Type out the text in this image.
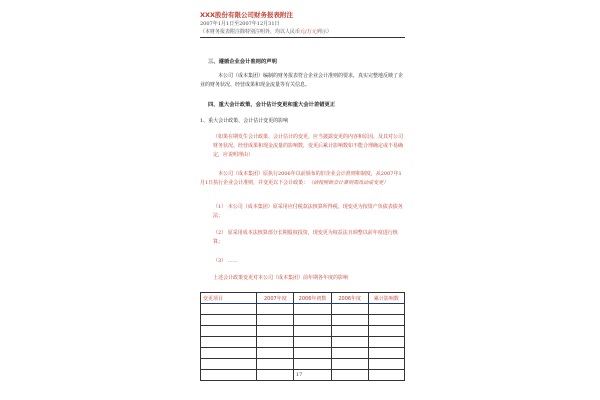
XXX股份有限公司财务报表附注
2007年1月1日至2007年12月31日
（本财务报表附注除特别注明外，均以人民币元/万元列示）
三、遵循企业会计准则的声明
本公司（成本集团）编制的财务报表符合企业会计准则的要求，真实完整地反映了企业的财务状况、经营成果和现金流量等有关信息。
四、重大会计政策、会计估计变更和重大会计差错更正
1、重大会计政策、会计估计变更的影响
（如果在期发生会计政策、会计估计的变更，应当披露变更的内容和原因、及其对公司财务状况、经营成果和现金流量的影响数，变更后累计影响数如不能合理确定或不易确定，应说明理由）
本公司（成本集团）原执行2006年以前颁布的旧企业会计准则和制度，从2007年1月1日执行企业会计准则，并变更以下会计政策：（请按照新会计准则需改动或变更）
（1） 本公司（成本集团）原采用应付税款法核算所得税，现变更为按资产负债表债务法；
（2） 原采用成本法核算部分长期股权投资，现变更为权益法且调整以前年度进行核算；
（3） ……
上述会计政策变更对本公司（成本集团）前年期各年度的影响
变更项目	2007年度	2006年初数	2006年度	累计影响数

17
